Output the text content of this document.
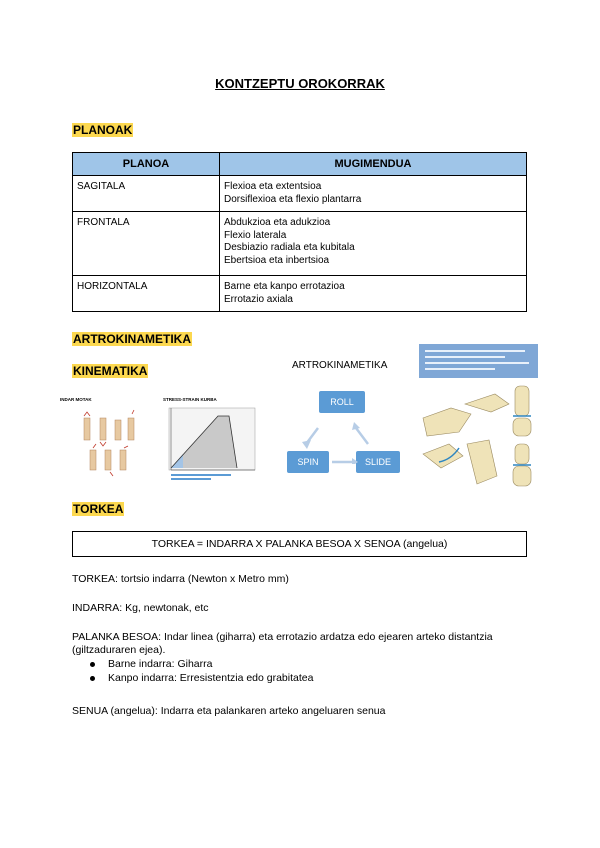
KONTZEPTU OROKORRAK
PLANOAK
PLANOA	MUGIMENDUA
SAGITALA	Flexioa eta extentsioa
Dorsiflexioa eta flexio plantarra

FRONTALA	Abdukzioa eta adukzioa
Flexio laterala
Desbiazio radiala eta kubitala
Ebertsioa eta inbertsioa

HORIZONTALA	Barne eta kanpo errotazioa
Errotazio axiala
ARTROKINAMETIKA
KINEMATIKA
INDAR MOTAK	STRESS-STRAIN KURBA
ARTROKINAMETIKA
ROLL
SPIN	SLIDE
TORKEA
TORKEA = INDARRA X PALANKA BESOA X SENOA (angelua)
TORKEA: tortsio indarra (Newton x Metro mm)
INDARRA: Kg, newtonak, etc
PALANKA BESOA: Indar linea (giharra) eta errotazio ardatza edo ejearen arteko distantzia
(giltzaduraren ejea).
Barne indarra: Giharra
Kanpo indarra: Erresistentzia edo grabitatea
SENUA (angelua): Indarra eta palankaren arteko angeluaren senua
